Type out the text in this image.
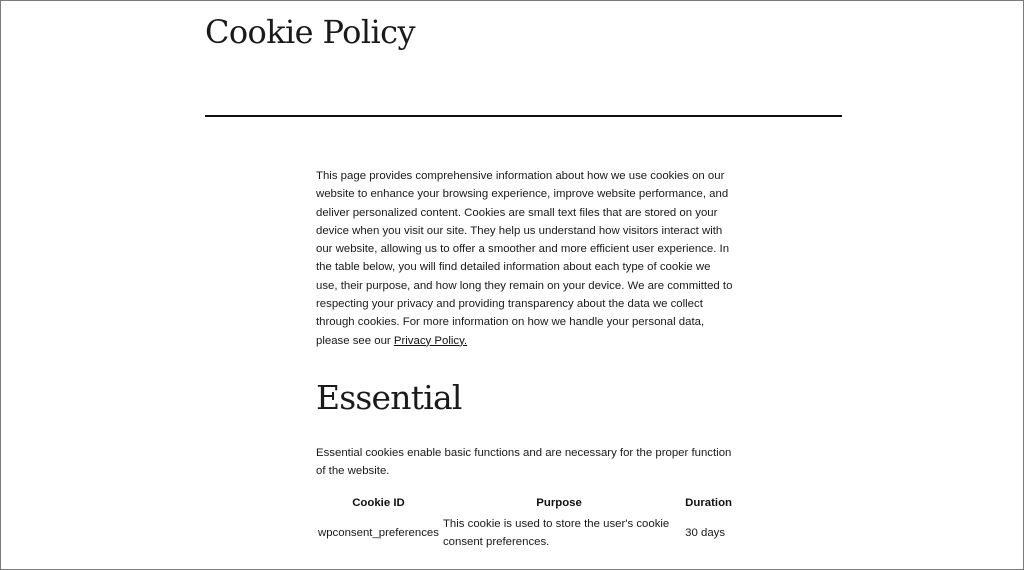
Cookie Policy

This page provides comprehensive information about how we use cookies on our website to enhance your browsing experience, improve website performance, and deliver personalized content. Cookies are small text files that are stored on your device when you visit our site. They help us understand how visitors interact with our website, allowing us to offer a smoother and more efficient user experience. In the table below, you will find detailed information about each type of cookie we use, their purpose, and how long they remain on your device. We are committed to respecting your privacy and providing transparency about the data we collect through cookies. For more information on how we handle your personal data, please see our Privacy Policy.

Essential

Essential cookies enable basic functions and are necessary for the proper function of the website.

Cookie ID	Purpose	Duration
wpconsent_preferences	This cookie is used to store the user's cookie consent preferences.	30 days
